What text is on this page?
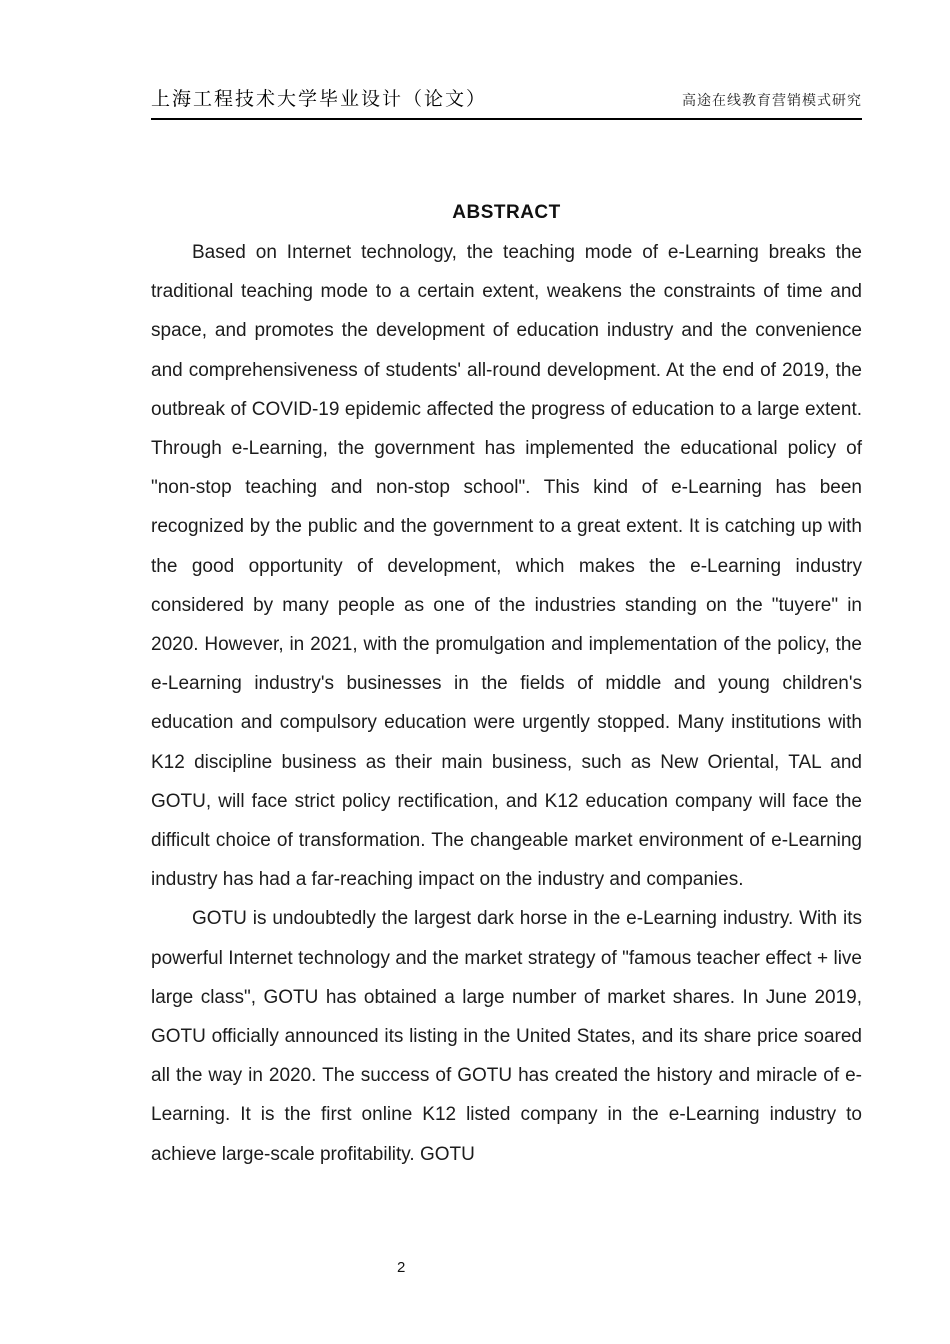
上海工程技术大学毕业设计（论文）	高途在线教育营销模式研究
ABSTRACT

Based on Internet technology, the teaching mode of e-Learning breaks the traditional teaching mode to a certain extent, weakens the constraints of time and space, and promotes the development of education industry and the convenience and comprehensiveness of students' all-round development. At the end of 2019, the outbreak of COVID-19 epidemic affected the progress of education to a large extent. Through e-Learning, the government has implemented the educational policy of "non-stop teaching and non-stop school". This kind of e-Learning has been recognized by the public and the government to a great extent. It is catching up with the good opportunity of development, which makes the e-Learning industry considered by many people as one of the industries standing on the "tuyere" in 2020. However, in 2021, with the promulgation and implementation of the policy, the e-Learning industry's businesses in the fields of middle and young children's education and compulsory education were urgently stopped. Many institutions with K12 discipline business as their main business, such as New Oriental, TAL and GOTU, will face strict policy rectification, and K12 education company will face the difficult choice of transformation. The changeable market environment of e-Learning industry has had a far-reaching impact on the industry and companies.

GOTU is undoubtedly the largest dark horse in the e-Learning industry. With its powerful Internet technology and the market strategy of "famous teacher effect + live large class", GOTU has obtained a large number of market shares. In June 2019, GOTU officially announced its listing in the United States, and its share price soared all the way in 2020. The success of GOTU has created the history and miracle of e-Learning. It is the first online K12 listed company in the e-Learning industry to achieve large-scale profitability. GOTU

2
